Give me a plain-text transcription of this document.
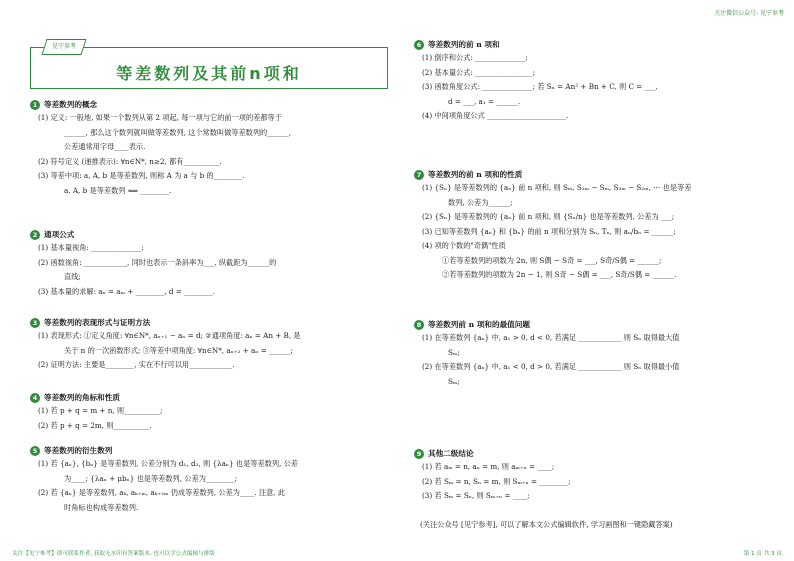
关注微信公众号: 见宁参考
见宁参考
等差数列及其前n项和
1 等差数列的概念
(1) 定义: 一般地, 如果一个数列从第 2 项起, 每一项与它的前一项的差都等于
______, 那么这个数列就叫做等差数列, 这个常数叫做等差数列的______,
公差通常用字母____表示.
(2) 符号定义 (递推表示): ∀n∈N*, n≥2, 都有__________.
(3) 等差中项: a, A, b 是等差数列, 则称 A 为 a 与 b 的________.
a, A, b 是等差数列 ⟺ ________.
2 通项公式
(1) 基本量视角: ______________;
(2) 函数视角: ____________, 同时也表示一条斜率为___, 纵截距为______的
直线;
(3) 基本量的求解: aₙ = aₘ + ________, d = ________.
3 等差数列的表现形式与证明方法
(1) 表现形式: ①定义角度: ∀n∈N*, aₙ₊₁ − aₙ = d; ②通项角度: aₙ = An + B, 是
关于 n 的一次函数形式; ③等差中项角度: ∀n∈N*, aₙ₊₂ + aₙ = ______;
(2) 证明方法: 主要是________, 实在不行可以用____________.
4 等差数列的角标和性质
(1) 若 p + q = m + n, 则__________;
(2) 若 p + q = 2m, 则__________.
5 等差数列的衍生数列
(1) 若 {aₙ}, {bₙ} 是等差数列, 公差分别为 d₁, d₂, 则 {λaₙ} 也是等差数列, 公差
为____; {λaₙ + μbₙ} 也是等差数列, 公差为________;
(2) 若 {aₙ} 是等差数列, aₖ, aₖ₊ₘ, aₖ₊₂ₘ 仍成等差数列, 公差为____. 注意, 此
时角标也构成等差数列.
6 等差数列的前 n 项和
(1) 倒序和公式: ______________;
(2) 基本量公式: ________________;
(3) 函数角度公式: ______________; 若 Sₙ = An² + Bn + C, 则 C = ___,
d = ___, a₁ = ______.
(4) 中间项角度公式 ______________________.
7 等差数列的前 n 项和的性质
(1) {Sₙ} 是等差数列的 {aₙ} 前 n 项和, 则 Sₘ, S₂ₘ − Sₘ, S₃ₘ − S₂ₘ, ⋯ 也是等差
数列, 公差为______;
(2) {Sₙ} 是等差数列的 {aₙ} 前 n 项和, 则 {Sₙ/n} 也是等差数列, 公差为 ___;
(3) 已知等差数列 {aₙ} 和 {bₙ} 的前 n 项和分别为 Sₙ, Tₙ, 则 aₙ/bₙ = ______;
(4) 项的个数的"奇偶"性质
①若等差数列的项数为 2n, 则 S偶 − S奇 = ___, S奇/S偶 = ______;
②若等差数列的项数为 2n − 1, 则 S奇 − S偶 = ___, S奇/S偶 = ______.
8 等差数列前 n 项和的最值问题
(1) 在等差数列 {aₙ} 中, a₁ > 0, d < 0, 若满足 ____________ 则 Sₙ 取得最大值
Sₘ;
(2) 在等差数列 {aₙ} 中, a₁ < 0, d > 0, 若满足 ____________ 则 Sₙ 取得最小值
Sₘ;
9 其他二级结论
(1) 若 aₘ = n, aₙ = m, 则 aₘ₊ₙ = ____;
(2) 若 Sₘ = n, Sₙ = m, 则 Sₘ₊ₙ = ________;
(3) 若 Sₘ = Sₙ, 则 Sₘ₊ₙ = ____;
(关注公众号 [见宁参考], 可以了解本文公式编辑软件, 学习画图和一键隐藏答案)
关注【见宁参考】即可联系作者, 获取无水印有答案版本, 也可以学公式编辑与排版	第 1 页 共 3 页
